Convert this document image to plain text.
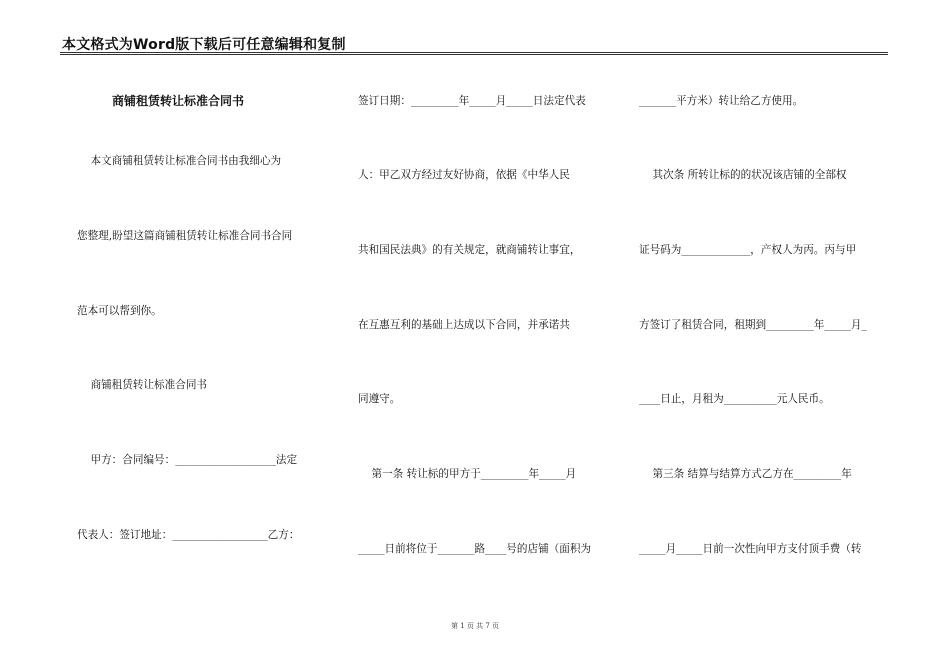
本文格式为Word版下载后可任意编辑和复制
商铺租赁转让标准合同书
本文商铺租赁转让标准合同书由我细心为
您整理,盼望这篇商铺租赁转让标准合同书合同
范本可以帮到你。
商铺租赁转让标准合同书
甲方：合同编号：___________________法定
代表人：签订地址：__________________乙方：
签订日期：_________年_____月_____日法定代表
人：甲乙双方经过友好协商，依据《中华人民
共和国民法典》的有关规定，就商铺转让事宜，
在互惠互利的基础上达成以下合同，并承诺共
同遵守。
第一条 转让标的甲方于_________年_____月
_____日前将位于_______路____号的店铺（面积为
_______平方米）转让给乙方使用。
其次条 所转让标的的状况该店铺的全部权
证号码为_____________，产权人为丙。丙与甲
方签订了租赁合同，租期到_________年_____月_
____日止，月租为__________元人民币。
第三条 结算与结算方式乙方在_________年
_____月_____日前一次性向甲方支付顶手费（转
第 1 页 共 7 页
